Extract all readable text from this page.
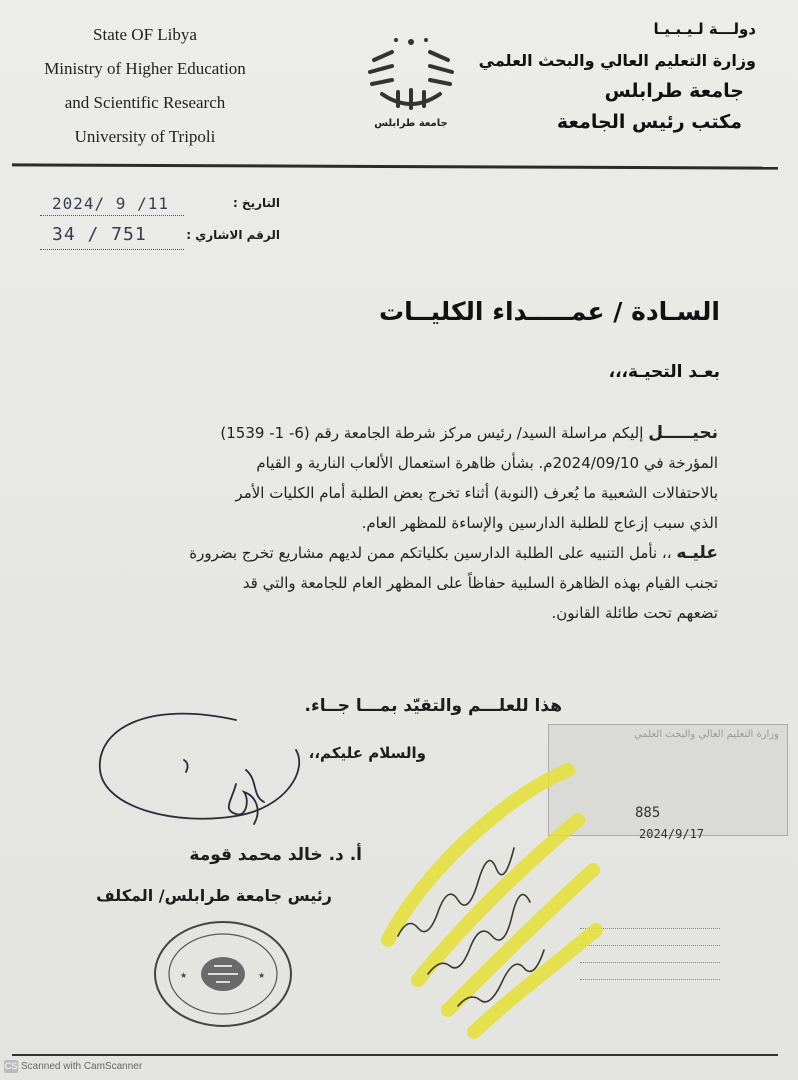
State OF Libya
Ministry of Higher Education
and Scientific Research
University of Tripoli
جامعة طرابلس
دولـــة لـيـبـيـا
وزارة التعليم العالي والبحث العلمي
جامعة طرابلس
مكتب رئيس الجامعة
التاريخ :
2024/ 9 /11
الرقم الاشاري :
34 / 751
السـادة / عمـــــداء الكليــات
بعـد التحيـة،،،
نحيـــــل إليكم مراسلة السيد/ رئيس مركز شرطة الجامعة رقم (6- 1- 1539)
المؤرخة في 2024/09/10م. بشأن ظاهرة استعمال الألعاب النارية و القيام
بالاحتفالات الشعبية ما يُعرف (النوبة) أثناء تخرج بعض الطلبة أمام الكليات الأمر
الذي سبب إزعاج للطلبة الدارسين والإساءة للمظهر العام.
عليـه ،، نأمل التنبيه على الطلبة الدارسين بكلياتكم ممن لديهم مشاريع تخرج بضرورة
تجنب القيام بهذه الظاهرة السلبية حفاظاً على المظهر العام للجامعة والتي قد
تضعهم تحت طائلة القانون.
هذا للعلـــم والتقيّد بمـــا جــاء.
والسلام عليكم،،
أ. د. خالد محمد قومة
رئيس جامعة طرابلس/ المكلف
★	★
وزارة التعليم العالي والبحث العلمي
885
2024/9/17
CS Scanned with CamScanner
